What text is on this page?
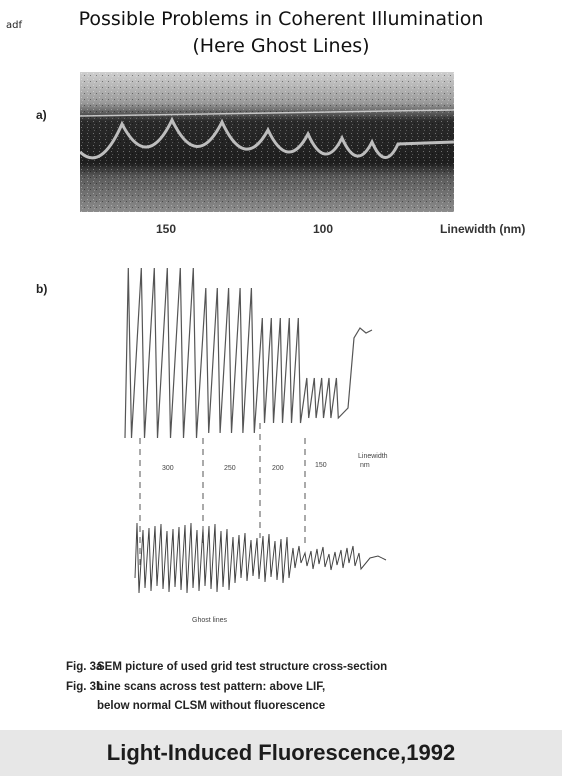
adf	Possible Problems in Coherent Illumination
(Here Ghost Lines)
a)
150	100	Linewidth (nm)
b)
300	250	200	150
Linewidth
nm
Ghost lines
Fig. 3a
SEM picture of used grid test structure cross-section
Fig. 3b
Line scans across test pattern: above LIF,
below normal CLSM without fluorescence
Light-Induced Fluorescence,1992
